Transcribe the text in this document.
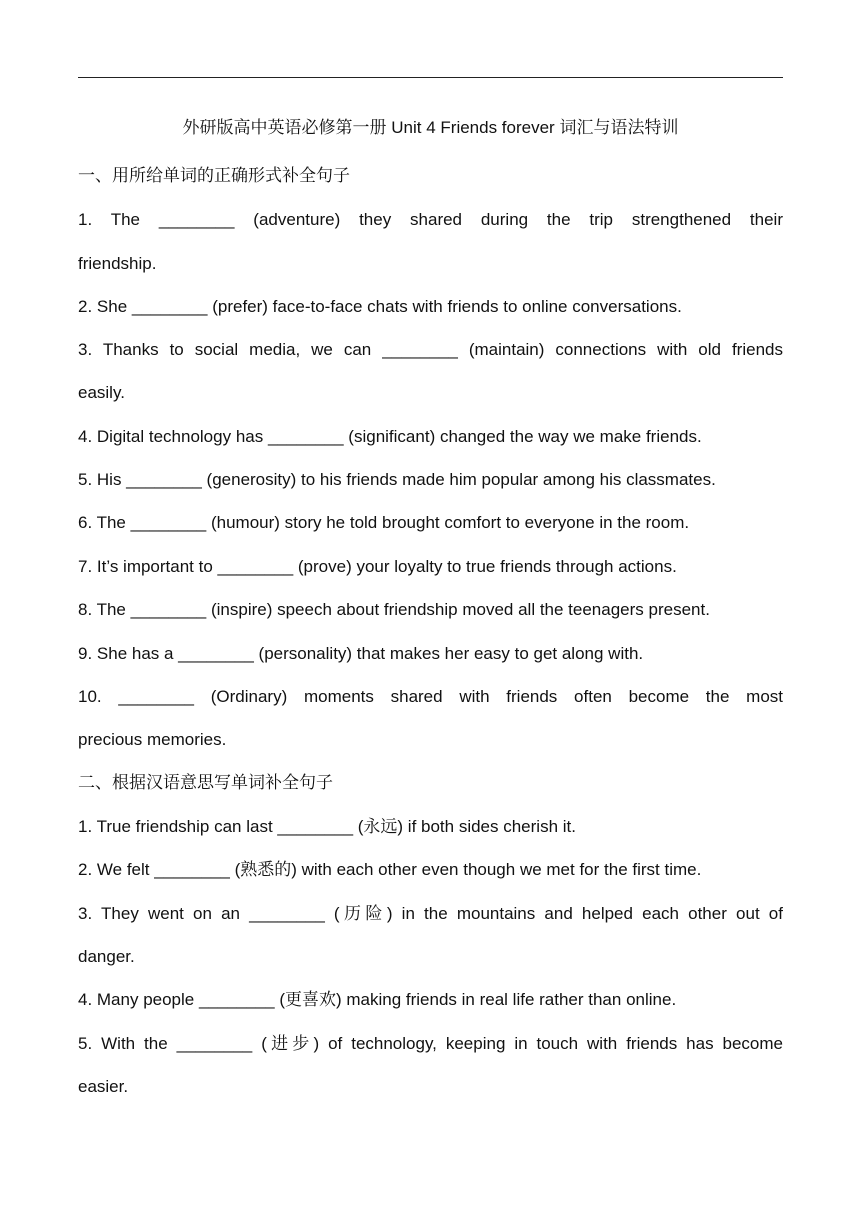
外研版高中英语必修第一册 Unit 4 Friends forever 词汇与语法特训
一、用所给单词的正确形式补全句子
1. The ________ (adventure) they shared during the trip strengthened their
friendship.
2. She ________ (prefer) face-to-face chats with friends to online conversations.
3. Thanks to social media, we can ________ (maintain) connections with old friends
easily.
4. Digital technology has ________ (significant) changed the way we make friends.
5. His ________ (generosity) to his friends made him popular among his classmates.
6. The ________ (humour) story he told brought comfort to everyone in the room.
7. It’s important to ________ (prove) your loyalty to true friends through actions.
8. The ________ (inspire) speech about friendship moved all the teenagers present.
9. She has a ________ (personality) that makes her easy to get along with.
10. ________ (Ordinary) moments shared with friends often become the most
precious memories.
二、根据汉语意思写单词补全句子
1. True friendship can last ________ (永远) if both sides cherish it.
2. We felt ________ (熟悉的) with each other even though we met for the first time.
3. They went on an ________ (历险) in the mountains and helped each other out of
danger.
4. Many people ________ (更喜欢) making friends in real life rather than online.
5. With the ________ (进步) of technology, keeping in touch with friends has become
easier.
